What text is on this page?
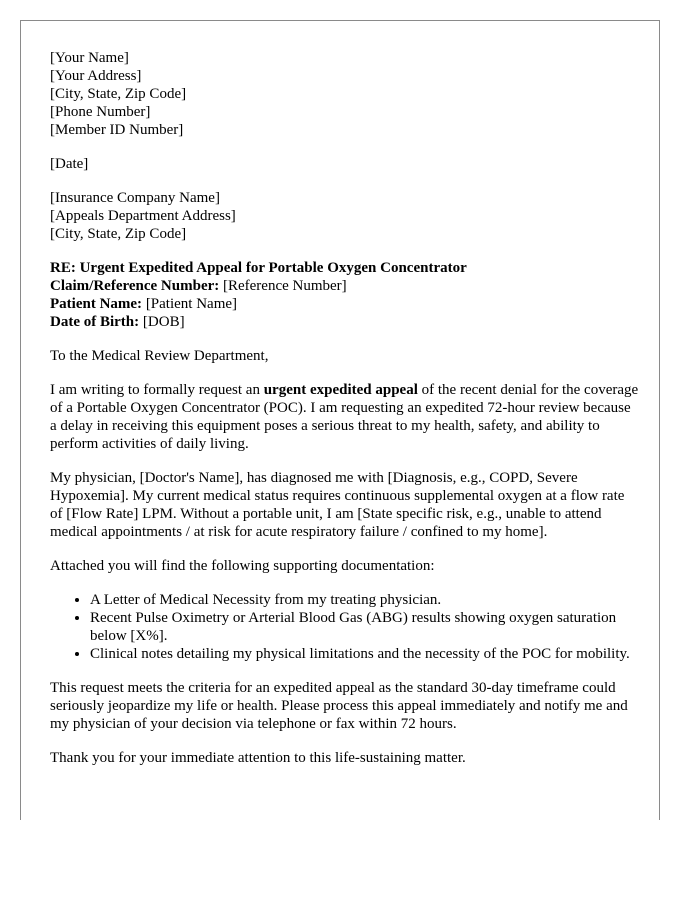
[Your Name]
[Your Address]
[City, State, Zip Code]
[Phone Number]
[Member ID Number]
[Date]
[Insurance Company Name]
[Appeals Department Address]
[City, State, Zip Code]
RE: Urgent Expedited Appeal for Portable Oxygen Concentrator
Claim/Reference Number: [Reference Number]
Patient Name: [Patient Name]
Date of Birth: [DOB]

To the Medical Review Department,

I am writing to formally request an urgent expedited appeal of the recent denial for the coverage of a Portable Oxygen Concentrator (POC). I am requesting an expedited 72-hour review because a delay in receiving this equipment poses a serious threat to my health, safety, and ability to perform activities of daily living.

My physician, [Doctor's Name], has diagnosed me with [Diagnosis, e.g., COPD, Severe Hypoxemia]. My current medical status requires continuous supplemental oxygen at a flow rate of [Flow Rate] LPM. Without a portable unit, I am [State specific risk, e.g., unable to attend medical appointments / at risk for acute respiratory failure / confined to my home].

Attached you will find the following supporting documentation:

• A Letter of Medical Necessity from my treating physician.
• Recent Pulse Oximetry or Arterial Blood Gas (ABG) results showing oxygen saturation below [X%].
• Clinical notes detailing my physical limitations and the necessity of the POC for mobility.

This request meets the criteria for an expedited appeal as the standard 30-day timeframe could seriously jeopardize my life or health. Please process this appeal immediately and notify me and my physician of your decision via telephone or fax within 72 hours.

Thank you for your immediate attention to this life-sustaining matter.
